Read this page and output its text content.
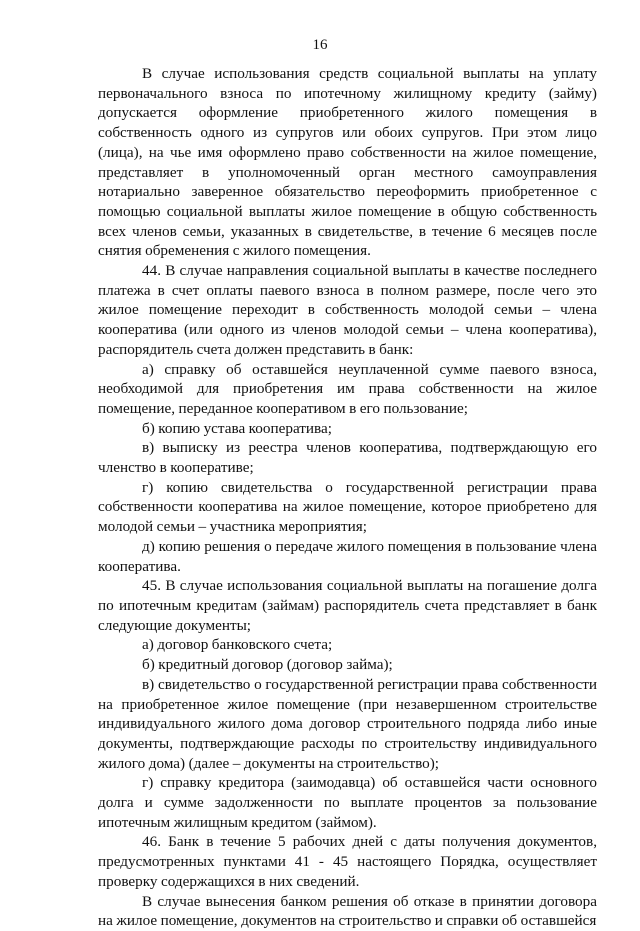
16

В случае использования средств социальной выплаты на уплату первоначального взноса по ипотечному жилищному кредиту (займу) допускается оформление приобретенного жилого помещения в собственность одного из супругов или обоих супругов. При этом лицо (лица), на чье имя оформлено право собственности на жилое помещение, представляет в уполномоченный орган местного самоуправления нотариально заверенное обязательство переоформить приобретенное с помощью социальной выплаты жилое помещение в общую собственность всех членов семьи, указанных в свидетельстве, в течение 6 месяцев после снятия обременения с жилого помещения.

44. В случае направления социальной выплаты в качестве последнего платежа в счет оплаты паевого взноса в полном размере, после чего это жилое помещение переходит в собственность молодой семьи – члена кооператива (или одного из членов молодой семьи – члена кооператива), распорядитель счета должен представить в банк:

а) справку об оставшейся неуплаченной сумме паевого взноса, необходимой для приобретения им права собственности на жилое помещение, переданное кооперативом в его пользование;

б) копию устава кооператива;

в) выписку из реестра членов кооператива, подтверждающую его членство в кооперативе;

г) копию свидетельства о государственной регистрации права собственности кооператива на жилое помещение, которое приобретено для молодой семьи – участника мероприятия;

д) копию решения о передаче жилого помещения в пользование члена кооператива.

45. В случае использования социальной выплаты на погашение долга по ипотечным кредитам (займам) распорядитель счета представляет в банк следующие документы;

а) договор банковского счета;

б) кредитный договор (договор займа);

в) свидетельство о государственной регистрации права собственности на приобретенное жилое помещение (при незавершенном строительстве индивидуального жилого дома договор строительного подряда либо иные документы, подтверждающие расходы по строительству индивидуального жилого дома) (далее – документы на строительство);

г) справку кредитора (заимодавца) об оставшейся части основного долга и сумме задолженности по выплате процентов за пользование ипотечным жилищным кредитом (займом).

46. Банк в течение 5 рабочих дней с даты получения документов, предусмотренных пунктами 41 - 45 настоящего Порядка, осуществляет проверку содержащихся в них сведений.

В случае вынесения банком решения об отказе в принятии договора на жилое помещение, документов на строительство и справки об оставшейся
